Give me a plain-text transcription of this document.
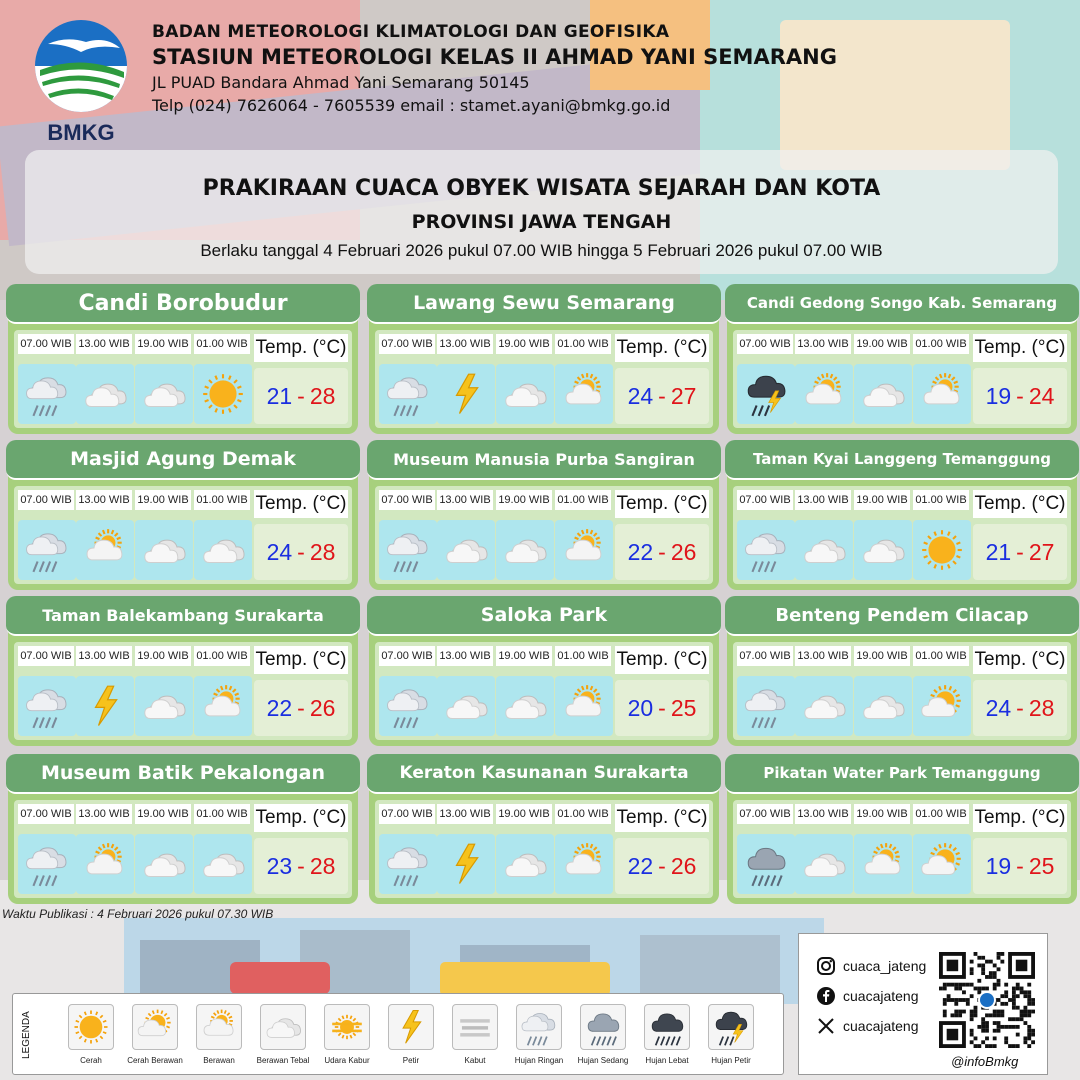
BMKG
BADAN METEOROLOGI KLIMATOLOGI DAN GEOFISIKA
STASIUN METEOROLOGI KELAS II AHMAD YANI SEMARANG
JL PUAD Bandara Ahmad Yani Semarang 50145
Telp (024) 7626064 - 7605539 email : stamet.ayani@bmkg.go.id
PRAKIRAAN CUACA OBYEK WISATA SEJARAH DAN KOTA
PROVINSI JAWA TENGAH
Berlaku tanggal 4 Februari 2026 pukul 07.00 WIB hingga 5 Februari 2026 pukul 07.00 WIB
Candi Borobudur
07.00 WIB 13.00 WIB 19.00 WIB 01.00 WIB Temp. (°C)
21 - 28
Lawang Sewu Semarang
07.00 WIB 13.00 WIB 19.00 WIB 01.00 WIB Temp. (°C)
24 - 27
Candi Gedong Songo Kab. Semarang
07.00 WIB 13.00 WIB 19.00 WIB 01.00 WIB Temp. (°C)
19 - 24
Masjid Agung Demak
07.00 WIB 13.00 WIB 19.00 WIB 01.00 WIB Temp. (°C)
24 - 28
Museum Manusia Purba Sangiran
07.00 WIB 13.00 WIB 19.00 WIB 01.00 WIB Temp. (°C)
22 - 26
Taman Kyai Langgeng Temanggung
07.00 WIB 13.00 WIB 19.00 WIB 01.00 WIB Temp. (°C)
21 - 27
Taman Balekambang Surakarta
07.00 WIB 13.00 WIB 19.00 WIB 01.00 WIB Temp. (°C)
22 - 26
Saloka Park
07.00 WIB 13.00 WIB 19.00 WIB 01.00 WIB Temp. (°C)
20 - 25
Benteng Pendem Cilacap
07.00 WIB 13.00 WIB 19.00 WIB 01.00 WIB Temp. (°C)
24 - 28
Museum Batik Pekalongan
07.00 WIB 13.00 WIB 19.00 WIB 01.00 WIB Temp. (°C)
23 - 28
Keraton Kasunanan Surakarta
07.00 WIB 13.00 WIB 19.00 WIB 01.00 WIB Temp. (°C)
22 - 26
Pikatan Water Park Temanggung
07.00 WIB 13.00 WIB 19.00 WIB 01.00 WIB Temp. (°C)
19 - 25
Waktu Publikasi : 4 Februari 2026 pukul 07.30 WIB
LEGENDA
Cerah	Cerah Berawan	Berawan	Berawan Tebal	Udara Kabur	Petir	Kabut	Hujan Ringan	Hujan Sedang	Hujan Lebat	Hujan Petir
cuaca_jateng
cuacajateng
cuacajateng
@infoBmkg
